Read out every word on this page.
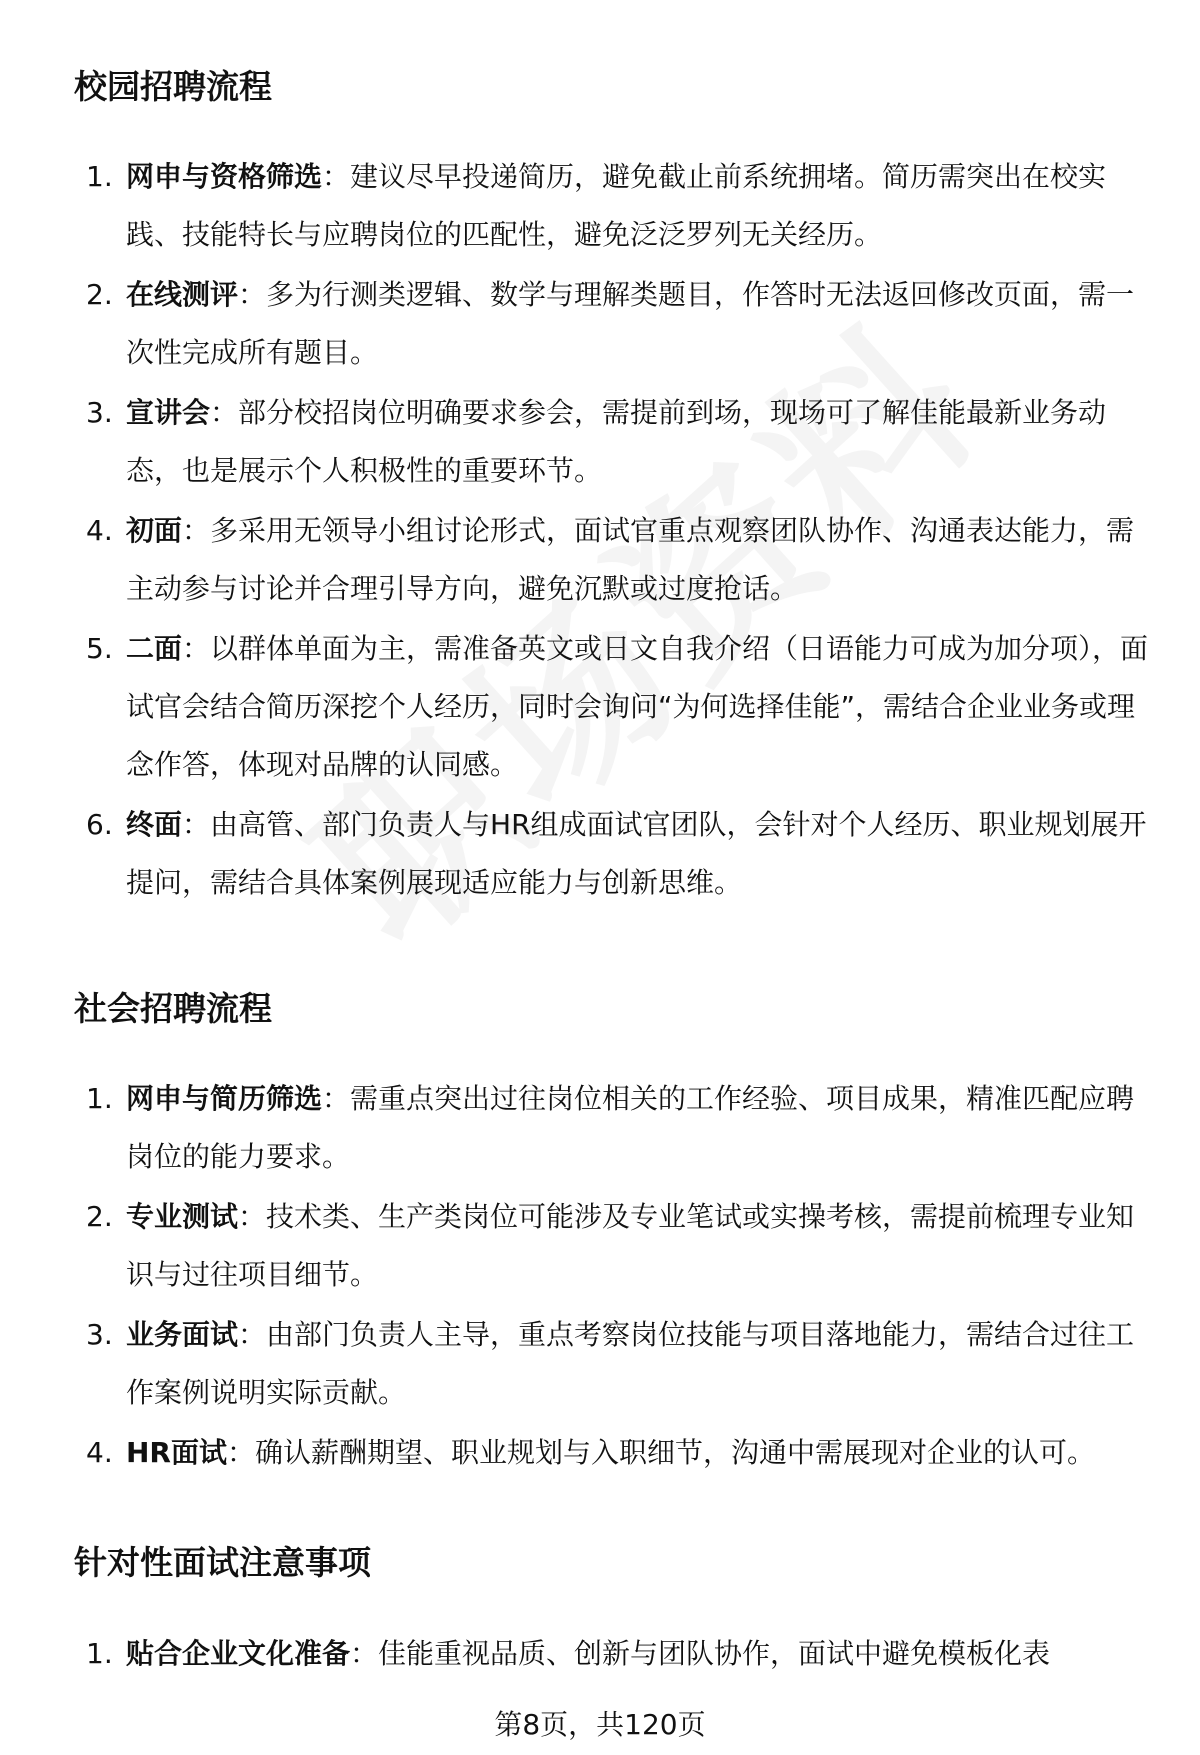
校园招聘流程
1. 网申与资格筛选：建议尽早投递简历，避免截止前系统拥堵。简历需突出在校实践、技能特长与应聘岗位的匹配性，避免泛泛罗列无关经历。
2. 在线测评：多为行测类逻辑、数学与理解类题目，作答时无法返回修改页面，需一次性完成所有题目。
3. 宣讲会：部分校招岗位明确要求参会，需提前到场，现场可了解佳能最新业务动态，也是展示个人积极性的重要环节。
4. 初面：多采用无领导小组讨论形式，面试官重点观察团队协作、沟通表达能力，需主动参与讨论并合理引导方向，避免沉默或过度抢话。
5. 二面：以群体单面为主，需准备英文或日文自我介绍（日语能力可成为加分项），面试官会结合简历深挖个人经历，同时会询问“为何选择佳能”，需结合企业业务或理念作答，体现对品牌的认同感。
6. 终面：由高管、部门负责人与HR组成面试官团队，会针对个人经历、职业规划展开提问，需结合具体案例展现适应能力与创新思维。
社会招聘流程
1. 网申与简历筛选：需重点突出过往岗位相关的工作经验、项目成果，精准匹配应聘岗位的能力要求。
2. 专业测试：技术类、生产类岗位可能涉及专业笔试或实操考核，需提前梳理专业知识与过往项目细节。
3. 业务面试：由部门负责人主导，重点考察岗位技能与项目落地能力，需结合过往工作案例说明实际贡献。
4. HR面试：确认薪酬期望、职业规划与入职细节，沟通中需展现对企业的认可。
针对性面试注意事项
1. 贴合企业文化准备：佳能重视品质、创新与团队协作，面试中避免模板化表
第8页，共120页
